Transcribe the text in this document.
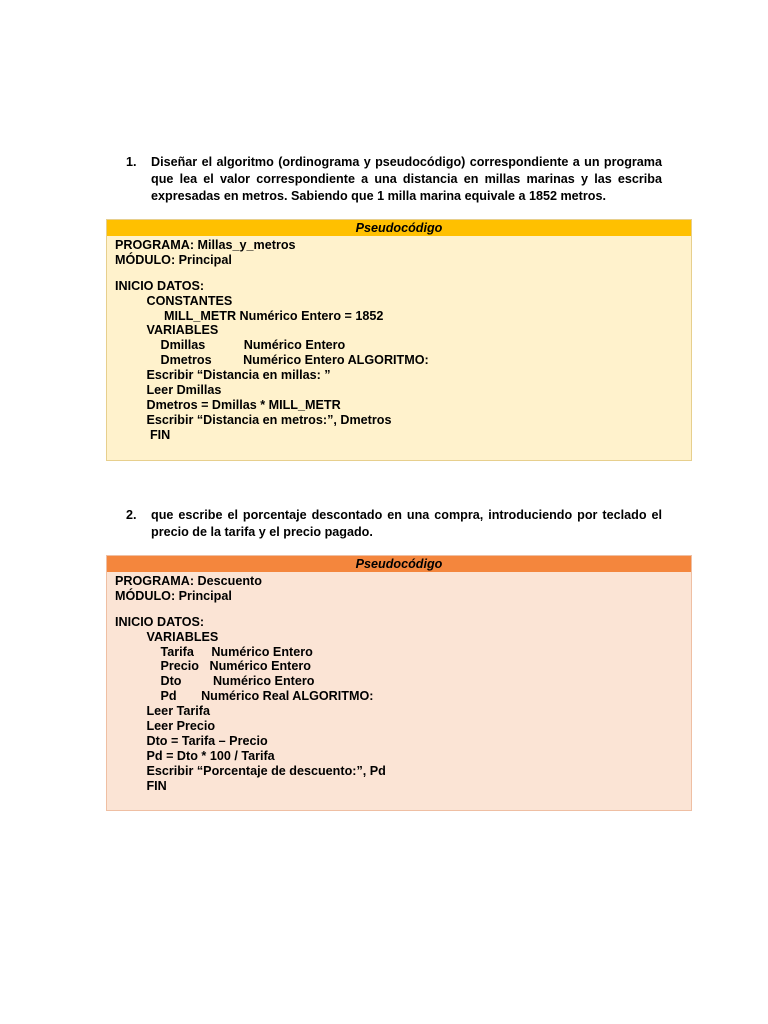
1. Diseñar el algoritmo (ordinograma y pseudocódigo) correspondiente a un programa que lea el valor correspondiente a una distancia en millas marinas y las escriba expresadas en metros. Sabiendo que 1 milla marina equivale a 1852 metros.
Pseudocódigo
PROGRAMA: Millas_y_metros
MÓDULO: Principal
INICIO DATOS:
CONSTANTES
MILL_METR Numérico Entero = 1852
VARIABLES
Dmillas           Numérico Entero
Dmetros         Numérico Entero ALGORITMO:
Escribir “Distancia en millas: ”
Leer Dmillas
Dmetros = Dmillas * MILL_METR
Escribir “Distancia en metros:”, Dmetros
FIN
2. que escribe el porcentaje descontado en una compra, introduciendo por teclado el precio de la tarifa y el precio pagado.
Pseudocódigo
PROGRAMA: Descuento
MÓDULO: Principal
INICIO DATOS:
VARIABLES
Tarifa     Numérico Entero
Precio   Numérico Entero
Dto         Numérico Entero
Pd       Numérico Real ALGORITMO:
Leer Tarifa
Leer Precio
Dto = Tarifa – Precio
Pd = Dto * 100 / Tarifa
Escribir “Porcentaje de descuento:”, Pd
FIN
